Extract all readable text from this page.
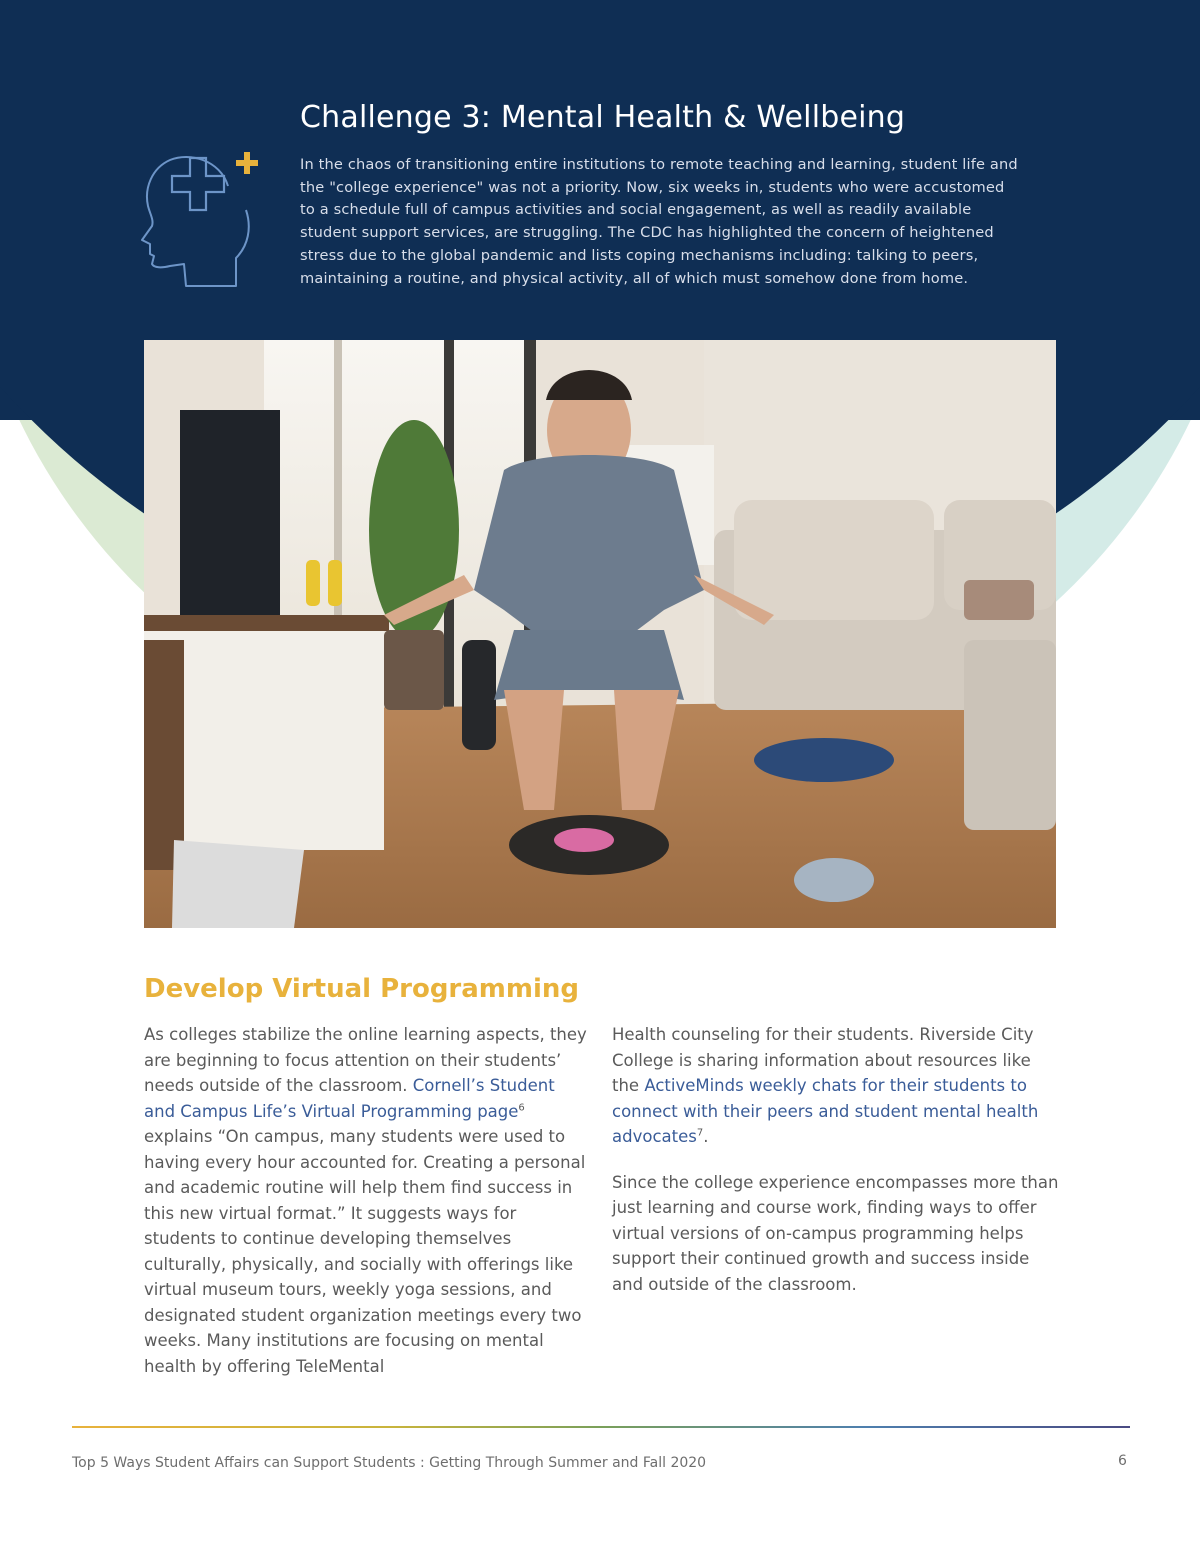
Challenge 3: Mental Health & Wellbeing

In the chaos of transitioning entire institutions to remote teaching and learning, student life and the "college experience" was not a priority. Now, six weeks in, students who were accustomed to a schedule full of campus activities and social engagement, as well as readily available student support services, are struggling. The CDC has highlighted the concern of heightened stress due to the global pandemic and lists coping mechanisms including: talking to peers, maintaining a routine, and physical activity, all of which must somehow done from home.

Develop Virtual Programming

As colleges stabilize the online learning aspects, they are beginning to focus attention on their students’ needs outside of the classroom. Cornell’s Student and Campus Life’s Virtual Programming page$^6$ explains “On campus, many students were used to having every hour accounted for. Creating a personal and academic routine will help them find success in this new virtual format.” It suggests ways for students to continue developing themselves culturally, physically, and socially with offerings like virtual museum tours, weekly yoga sessions, and designated student organization meetings every two weeks. Many institutions are focusing on mental health by offering TeleMental

Health counseling for their students. Riverside City College is sharing information about resources like the ActiveMinds weekly chats for their students to connect with their peers and student mental health advocates$^7$.

Since the college experience encompasses more than just learning and course work, finding ways to offer virtual versions of on-campus programming helps support their continued growth and success inside and outside of the classroom.

Top 5 Ways Student Affairs can Support Students : Getting Through Summer and Fall 2020	6
